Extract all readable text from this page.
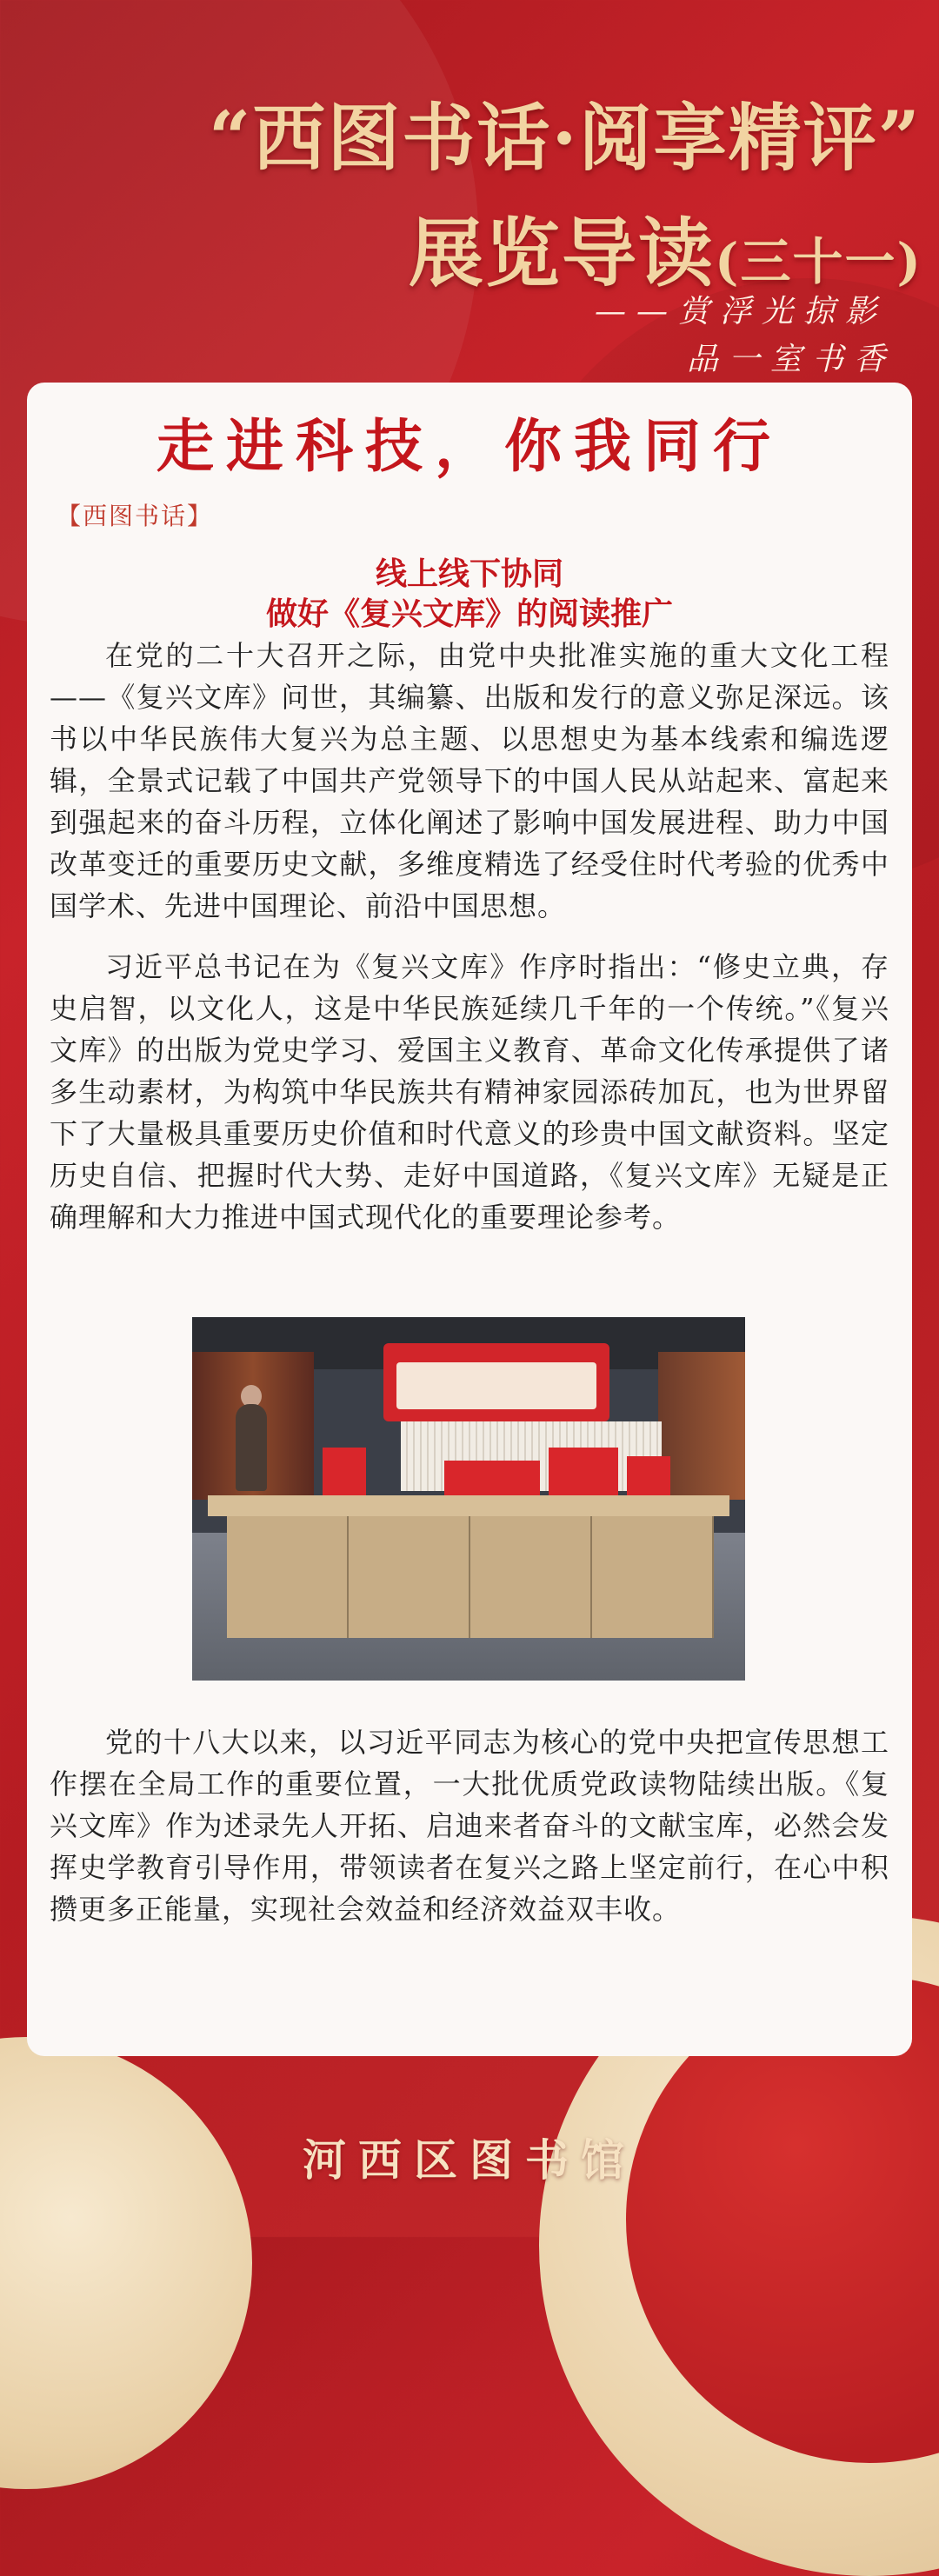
“西图书话·阅享精评”
展览导读(三十一)
——赏浮光掠影
品一室书香
走进科技，你我同行
【西图书话】
线上线下协同
做好《复兴文库》的阅读推广

在党的二十大召开之际，由党中央批准实施的重大文化工程——《复兴文库》问世，其编纂、出版和发行的意义弥足深远。该书以中华民族伟大复兴为总主题、以思想史为基本线索和编选逻辑，全景式记载了中国共产党领导下的中国人民从站起来、富起来到强起来的奋斗历程，立体化阐述了影响中国发展进程、助力中国改革变迁的重要历史文献，多维度精选了经受住时代考验的优秀中国学术、先进中国理论、前沿中国思想。

习近平总书记在为《复兴文库》作序时指出：“修史立典，存史启智，以文化人，这是中华民族延续几千年的一个传统。”《复兴文库》的出版为党史学习、爱国主义教育、革命文化传承提供了诸多生动素材，为构筑中华民族共有精神家园添砖加瓦，也为世界留下了大量极具重要历史价值和时代意义的珍贵中国文献资料。坚定历史自信、把握时代大势、走好中国道路，《复兴文库》无疑是正确理解和大力推进中国式现代化的重要理论参考。

党的十八大以来，以习近平同志为核心的党中央把宣传思想工作摆在全局工作的重要位置，一大批优质党政读物陆续出版。《复兴文库》作为述录先人开拓、启迪来者奋斗的文献宝库，必然会发挥史学教育引导作用，带领读者在复兴之路上坚定前行，在心中积攒更多正能量，实现社会效益和经济效益双丰收。

河西区图书馆
